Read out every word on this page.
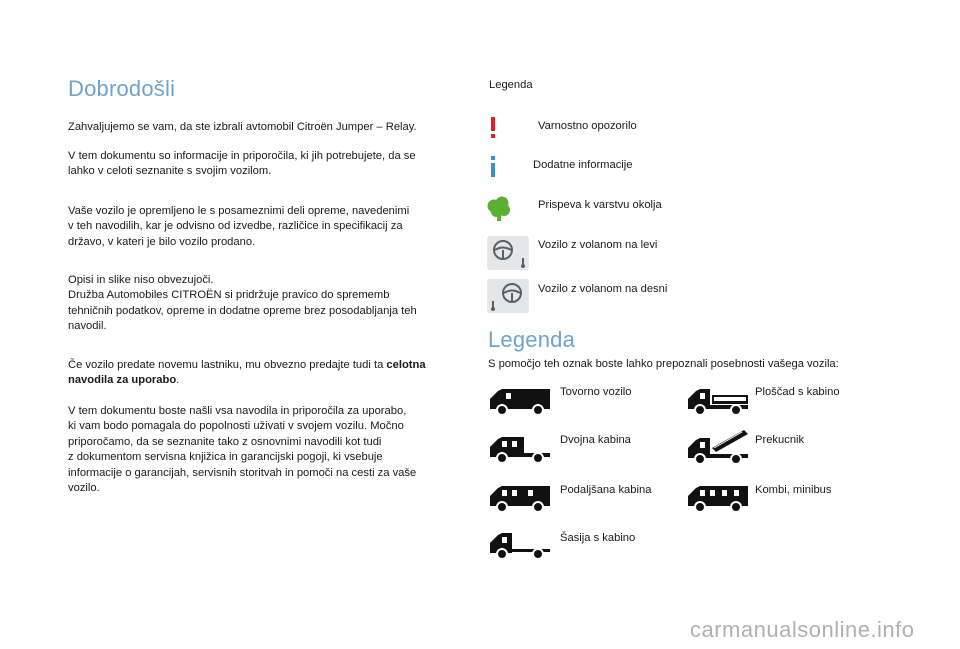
Dobrodošli
Zahvaljujemo se vam, da ste izbrali avtomobil Citroën Jumper – Relay.
V tem dokumentu so informacije in priporočila, ki jih potrebujete, da se
lahko v celoti seznanite s svojim vozilom.
Vaše vozilo je opremljeno le s posameznimi deli opreme, navedenimi
v teh navodilih, kar je odvisno od izvedbe, različice in specifikacij za
državo, v kateri je bilo vozilo prodano.
Opisi in slike niso obvezujoči.
Družba Automobiles CITROËN si pridržuje pravico do sprememb
tehničnih podatkov, opreme in dodatne opreme brez posodabljanja teh
navodil.
Če vozilo predate novemu lastniku, mu obvezno predajte tudi ta celotna
navodila za uporabo.
V tem dokumentu boste našli vsa navodila in priporočila za uporabo,
ki vam bodo pomagala do popolnosti uživati v svojem vozilu. Močno
priporočamo, da se seznanite tako z osnovnimi navodili kot tudi
z dokumentom servisna knjižica in garancijski pogoji, ki vsebuje
informacije o garancijah, servisnih storitvah in pomoči na cesti za vaše
vozilo.
Legenda
Varnostno opozorilo
Dodatne informacije
Prispeva k varstvu okolja
Vozilo z volanom na levi
Vozilo z volanom na desni
Legenda
S pomočjo teh oznak boste lahko prepoznali posebnosti vašega vozila:
Tovorno vozilo	Ploščad s kabino
Dvojna kabina	Prekucnik
Podaljšana kabina	Kombi, minibus
Šasija s kabino
carmanualsonline.info
